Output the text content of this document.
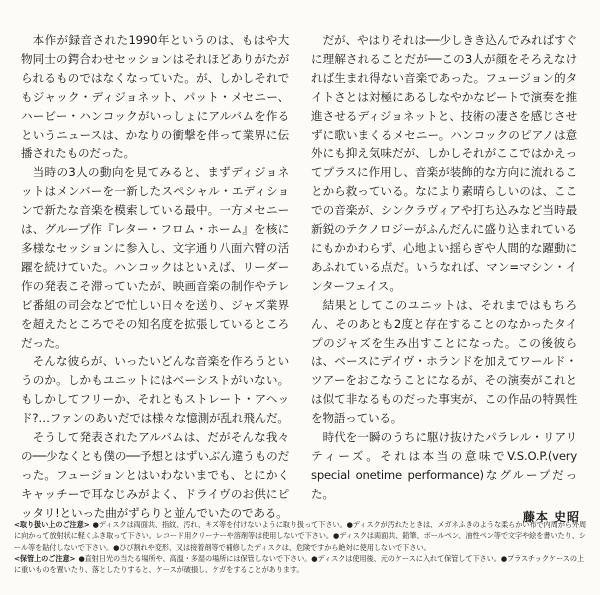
本作が録音された1990年というのは、もはや大物同士の鍔合わせセッションはそれほどありがたがられるものではなくなっていた。が、しかしそれでもジャック・ディジョネット、パット・メセニー、ハービー・ハンコックがいっしょにアルバムを作るというニュースは、かなりの衝撃を伴って業界に伝播されたものだった。

当時の3人の動向を見てみると、まずディジョネットはメンバーを一新したスペシャル・エディションで新たな音楽を模索している最中。一方メセニーは、グループ作『レター・フロム・ホーム』を核に多様なセッションに参入し、文字通り八面六臂の活躍を続けていた。ハンコックはといえば、リーダー作の発表こそ滞っていたが、映画音楽の制作やテレビ番組の司会などで忙しい日々を送り、ジャズ業界を超えたところでその知名度を拡張しているところだった。

そんな彼らが、いったいどんな音楽を作ろうというのか。しかもユニットにはベーシストがいない。もしかしてフリーか、それともストレート・アヘッド?…ファンのあいだでは様々な憶測が乱れ飛んだ。

そうして発表されたアルバムは、だがそんな我々の──少なくとも僕の──予想とはずいぶん違うものだった。フュージョンとはいわないまでも、とにかくキャッチーで耳なじみがよく、ドライヴのお供にピッタリ!といった曲がずらりと並んでいたのである。

だが、やはりそれは──少しきき込んでみればすぐに理解されることだが──この3人が顔をそろえなければ生まれ得ない音楽であった。フュージョン的タイトさとは対極にあるしなやかなビートで演奏を推進させるディジョネットと、技術の凄さを感じさせずに歌いまくるメセニー。ハンコックのピアノは意外にも抑え気味だが、しかしそれがここではかえってプラスに作用し、音楽が装飾的な方向に流れることから救っている。なにより素晴らしいのは、ここでの音楽が、シンクラヴィアや打ち込みなど当時最新鋭のテクノロジーがふんだんに盛り込まれているにもかかわらず、心地よい揺らぎや人間的な躍動にあふれている点だ。いうなれば、マン=マシン・インターフェイス。

結果としてこのユニットは、それまではもちろん、そのあとも2度と存在することのなかったタイプのジャズを生み出すことになった。この後彼らは、ベースにデイヴ・ホランドを加えてワールド・ツアーをおこなうことになるが、その演奏がこれとは似て非なるものだった事実が、この作品の特異性を物語っている。

時代を一瞬のうちに駆け抜けたパラレル・リアリティーズ。それは本当の意味でV.S.O.P.(very special onetime performance)なグループだった。

藤本 史昭

<取り扱い上のご注意> ●ディスクは両面共、指紋、汚れ、キズ等を付けないように取り扱って下さい。●ディスクが汚れたときは、メガネふきのような柔らかい布で内周から外周に向かって放射状に軽くふき取って下さい。レコード用クリーナーや溶剤等は使用しないで下さい。●ディスクは両面共、鉛筆、ボールペン、油性ペン等で文字や絵を書いたり、シール等を貼付しないで下さい。●ひび割れや変形、又は接着剤等で補修したディスクは、危険ですから絶対に使用しないで下さい。

<保管上のご注意> ●直射日光の当たる場所や、高温・多湿の場所には保管しないで下さい。●ディスクは使用後、元のケースに入れて保管して下さい。●プラスチックケースの上に重いものを置いたり、落としたりすると、ケースが破損し、ケガをすることがあります。
